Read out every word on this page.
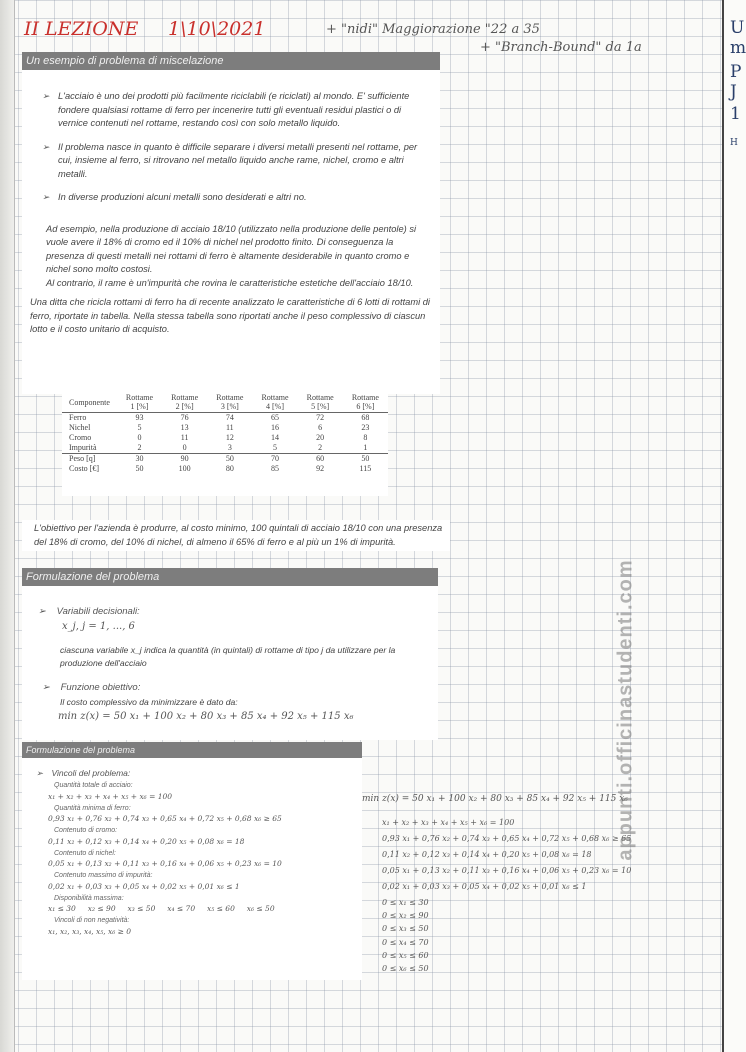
II LEZIONE 1\10\2021	+ "nidi" Maggiorazione "22 a 35
+ "Branch-Bound" da 1a
U
m
P
J
1
H
Un esempio di problema di miscelazione
➢ L'acciaio è uno dei prodotti più facilmente riciclabili (e riciclati) al mondo. E' sufficiente fondere qualsiasi rottame di ferro per incenerire tutti gli eventuali residui plastici o di vernice contenuti nel rottame, restando così con solo metallo liquido.
➢ Il problema nasce in quanto è difficile separare i diversi metalli presenti nel rottame, per cui, insieme al ferro, si ritrovano nel metallo liquido anche rame, nichel, cromo e altri metalli.
➢ In diverse produzioni alcuni metalli sono desiderati e altri no.
Ad esempio, nella produzione di acciaio 18/10 (utilizzato nella produzione delle pentole) si vuole avere il 18% di cromo ed il 10% di nichel nel prodotto finito. Di conseguenza la presenza di questi metalli nei rottami di ferro è altamente desiderabile in quanto cromo e nichel sono molto costosi.
Al contrario, il rame è un'impurità che rovina le caratteristiche estetiche dell'acciaio 18/10.
Una ditta che ricicla rottami di ferro ha di recente analizzato le caratteristiche di 6 lotti di rottami di ferro, riportate in tabella. Nella stessa tabella sono riportati anche il peso complessivo di ciascun lotto e il costo unitario di acquisto.
Componente	Rottame 1 [%]	Rottame 2 [%]	Rottame 3 [%]	Rottame 4 [%]	Rottame 5 [%]	Rottame 6 [%]
Ferro	93	76	74	65	72	68
Nichel	5	13	11	16	6	23
Cromo	0	11	12	14	20	8
Impurità	2	0	3	5	2	1
Peso [q]	30	90	50	70	60	50
Costo [€]	50	100	80	85	92	115
L'obiettivo per l'azienda è produrre, al costo minimo, 100 quintali di acciaio 18/10 con una presenza del 18% di cromo, del 10% di nichel, di almeno il 65% di ferro e al più un 1% di impurità.
Formulazione del problema
➢ Variabili decisionali:
x_j, j = 1, ..., 6
ciascuna variabile x_j indica la quantità (in quintali) di rottame di tipo j da utilizzare per la produzione dell'acciaio
➢ Funzione obiettivo:
Il costo complessivo da minimizzare è dato da:
min z(x) = 50 x₁ + 100 x₂ + 80 x₃ + 85 x₄ + 92 x₅ + 115 x₆
Formulazione del problema
➢ Vincoli del problema:
Quantità totale di acciaio:
x₁ + x₂ + x₃ + x₄ + x₅ + x₆ = 100
Quantità minima di ferro:
0,93 x₁ + 0,76 x₂ + 0,74 x₃ + 0,65 x₄ + 0,72 x₅ + 0,68 x₆ ≥ 65
Contenuto di cromo:
0,11 x₂ + 0,12 x₃ + 0,14 x₄ + 0,20 x₅ + 0,08 x₆ = 18
Contenuto di nichel:
0,05 x₁ + 0,13 x₂ + 0,11 x₃ + 0,16 x₄ + 0,06 x₅ + 0,23 x₆ = 10
Contenuto massimo di impurità:
0,02 x₁ + 0,03 x₃ + 0,05 x₄ + 0,02 x₅ + 0,01 x₆ ≤ 1
Disponibilità massima:
x₁ ≤ 30     x₂ ≤ 90     x₃ ≤ 50     x₄ ≤ 70     x₅ ≤ 60     x₆ ≤ 50
Vincoli di non negatività:
x₁, x₂, x₃, x₄, x₅, x₆ ≥ 0
min z(x) = 50 x₁ + 100 x₂ + 80 x₃ + 85 x₄ + 92 x₅ + 115 x₆
x₁ + x₂ + x₃ + x₄ + x₅ + x₆ = 100
0,93 x₁ + 0,76 x₂ + 0,74 x₃ + 0,65 x₄ + 0,72 x₅ + 0,68 x₆ ≥ 65
0,11 x₂ + 0,12 x₃ + 0,14 x₄ + 0,20 x₅ + 0,08 x₆ = 18
0,05 x₁ + 0,13 x₂ + 0,11 x₃ + 0,16 x₄ + 0,06 x₅ + 0,23 x₆ = 10
0,02 x₁ + 0,03 x₃ + 0,05 x₄ + 0,02 x₅ + 0,01 x₆ ≤ 1
0 ≤ x₁ ≤ 30
0 ≤ x₂ ≤ 90
0 ≤ x₃ ≤ 50
0 ≤ x₄ ≤ 70
0 ≤ x₅ ≤ 60
0 ≤ x₆ ≤ 50
appunti.officinastudenti.com
